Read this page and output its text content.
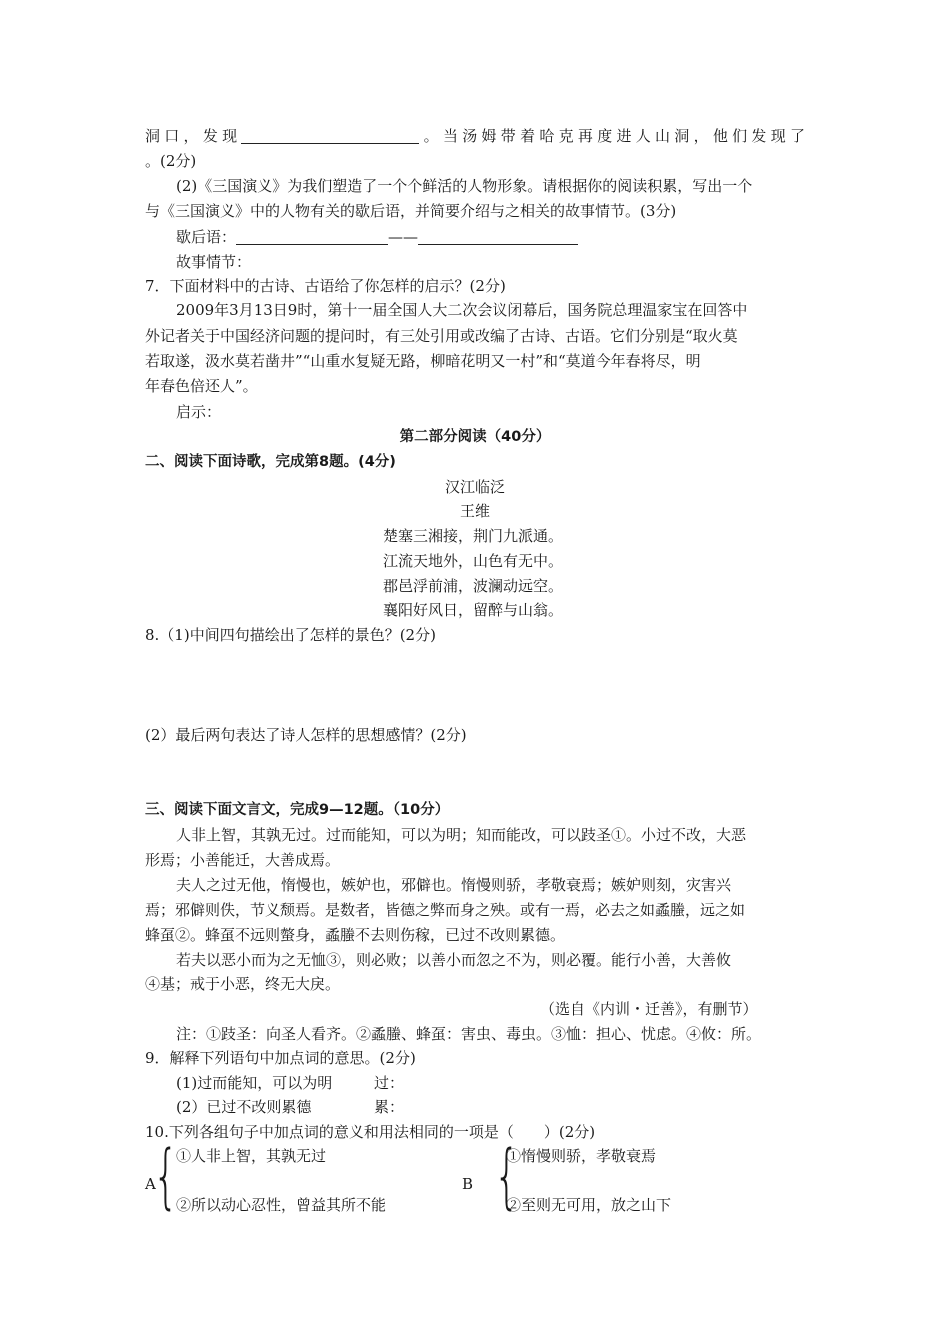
洞口，发现	。当汤姆带着哈克再度进人山洞，他们发现了
。(2分)
(2)《三国演义》为我们塑造了一个个鲜活的人物形象。请根据你的阅读积累，写出一个
与《三国演义》中的人物有关的歇后语，并简要介绍与之相关的故事情节。(3分)
歇后语：	——
故事情节：
7．下面材料中的古诗、古语给了你怎样的启示？(2分)
2009年3月13日9时，第十一届全国人大二次会议闭幕后，国务院总理温家宝在回答中
外记者关于中国经济问题的提问时，有三处引用或改编了古诗、古语。它们分别是“取火莫
若取遂，汲水莫若凿井”“山重水复疑无路，柳暗花明又一村”和“莫道今年春将尽，明
年春色倍还人”。
启示：
第二部分阅读（40分）
二、阅读下面诗歌，完成第8题。(4分)
汉江临泛
王维
楚塞三湘接，荆门九派通。
江流天地外，山色有无中。
郡邑浮前浦，波澜动远空。
襄阳好风日，留醉与山翁。
8.（1)中间四句描绘出了怎样的景色？(2分)
(2）最后两句表达了诗人怎样的思想感情？(2分)
三、阅读下面文言文，完成9—12题。（10分）
人非上智，其孰无过。过而能知，可以为明；知而能改，可以跂圣①。小过不改，大恶
形焉；小善能迁，大善成焉。
夫人之过无他，惰慢也，嫉妒也，邪僻也。惰慢则骄，孝敬衰焉；嫉妒则刻，灾害兴
焉；邪僻则佚，节义颓焉。是数者，皆德之弊而身之殃。或有一焉，必去之如蟊螣，远之如
蜂虿②。蜂虿不远则螫身，蟊螣不去则伤稼，已过不改则累德。
若夫以恶小而为之无恤③，则必败；以善小而忽之不为，则必覆。能行小善，大善攸
④基；戒于小恶，终无大戾。
（选自《内训・迁善》，有删节）
注：①跂圣：向圣人看齐。②蟊螣、蜂虿：害虫、毒虫。③恤：担心、忧虑。④攸：所。
9．解释下列语句中加点词的意思。(2分)
(1)过而能知，可以为明	过：
(2）已过不改则累德	累：
10.下列各组句子中加点词的意义和用法相同的一项是（　　）(2分)
A
{
①人非上智，其孰无过
②所以动心忍性，曾益其所不能
B {
①惰慢则骄，孝敬衰焉
②至则无可用，放之山下
